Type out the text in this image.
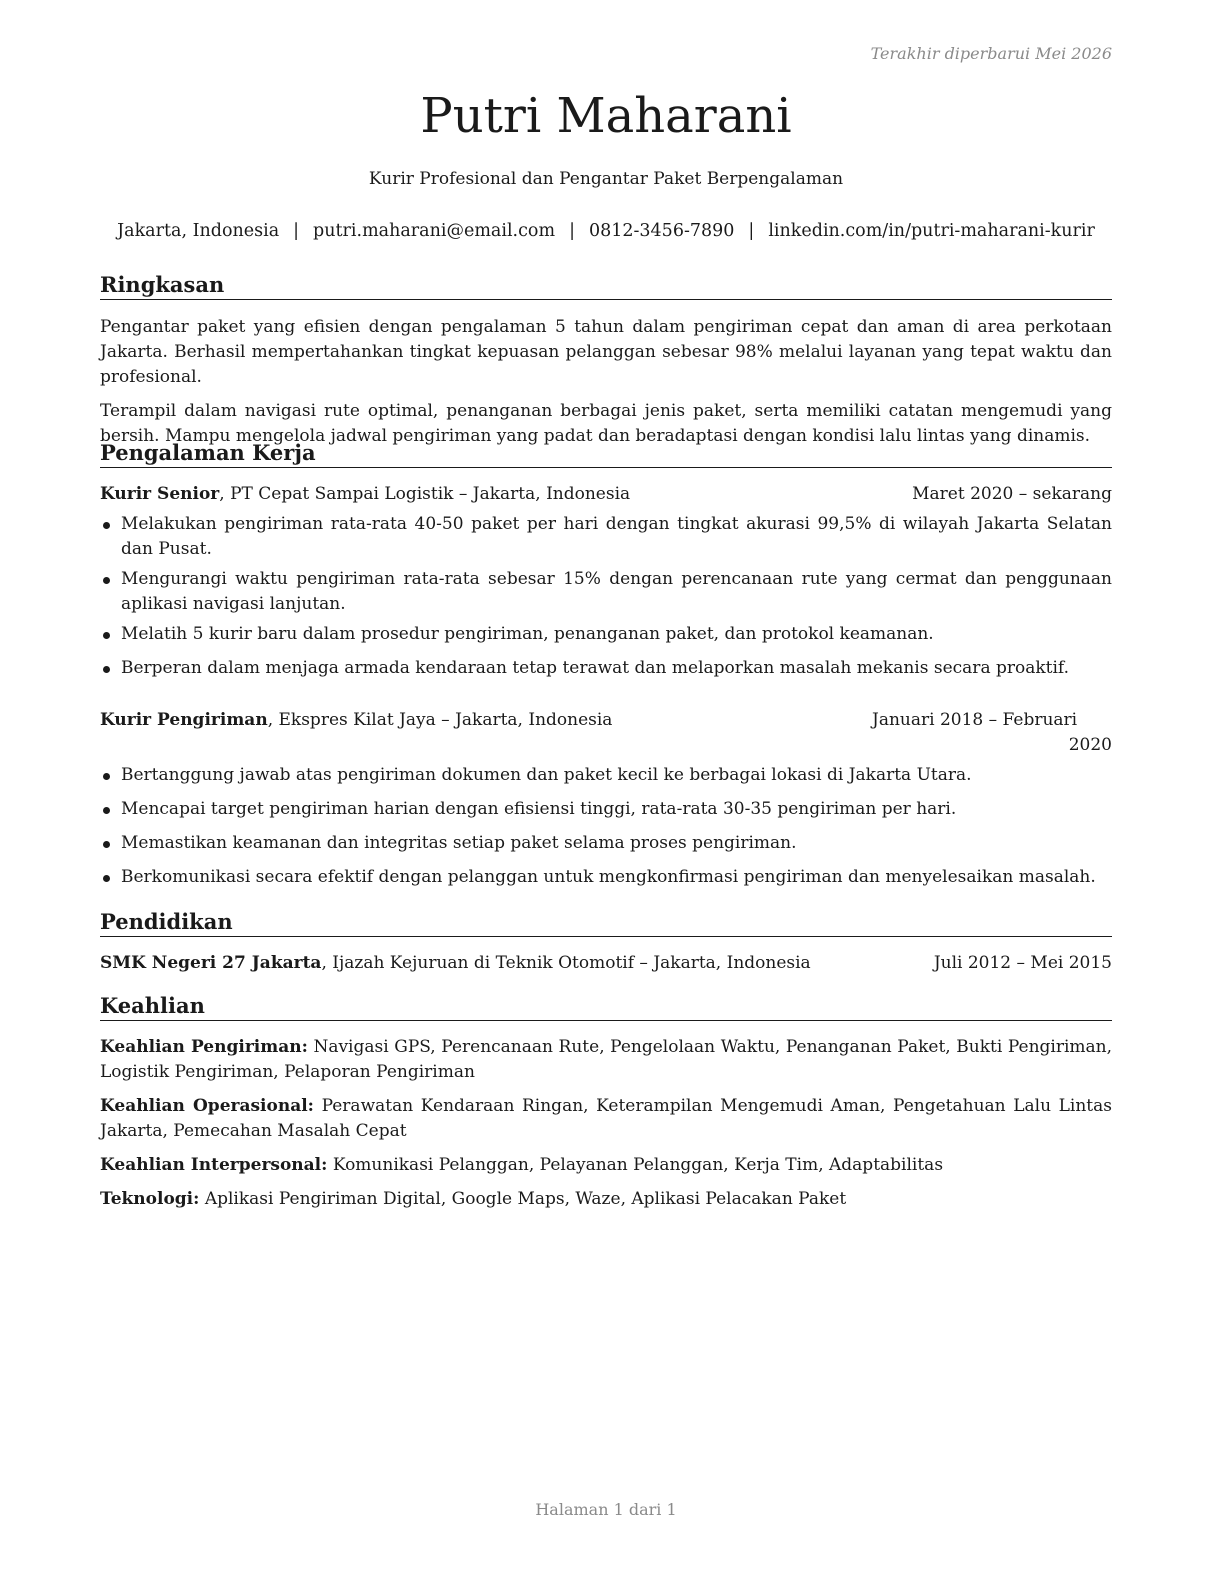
Terakhir diperbarui Mei 2026
Putri Maharani
Kurir Profesional dan Pengantar Paket Berpengalaman
Jakarta, Indonesia | putri.maharani@email.com | 0812-3456-7890 | linkedin.com/in/putri-maharani-kurir
Ringkasan

Pengantar paket yang efisien dengan pengalaman 5 tahun dalam pengiriman cepat dan aman di area perkotaan Jakarta. Berhasil mempertahankan tingkat kepuasan pelanggan sebesar 98% melalui layanan yang tepat waktu dan profesional.

Terampil dalam navigasi rute optimal, penanganan berbagai jenis paket, serta memiliki catatan mengemudi yang bersih. Mampu mengelola jadwal pengiriman yang padat dan beradaptasi dengan kondisi lalu lintas yang dinamis.

Pengalaman Kerja
Kurir Senior, PT Cepat Sampai Logistik – Jakarta, Indonesia	Maret 2020 – sekarang
Melakukan pengiriman rata-rata 40-50 paket per hari dengan tingkat akurasi 99,5% di wilayah Jakarta Selatan dan Pusat.
Mengurangi waktu pengiriman rata-rata sebesar 15% dengan perencanaan rute yang cermat dan penggunaan aplikasi navigasi lanjutan.
Melatih 5 kurir baru dalam prosedur pengiriman, penanganan paket, dan protokol keamanan.
Berperan dalam menjaga armada kendaraan tetap terawat dan melaporkan masalah mekanis secara proaktif.
Kurir Pengiriman, Ekspres Kilat Jaya – Jakarta, Indonesia	Januari 2018 – Februari
2020
Bertanggung jawab atas pengiriman dokumen dan paket kecil ke berbagai lokasi di Jakarta Utara.
Mencapai target pengiriman harian dengan efisiensi tinggi, rata-rata 30-35 pengiriman per hari.
Memastikan keamanan dan integritas setiap paket selama proses pengiriman.
Berkomunikasi secara efektif dengan pelanggan untuk mengkonfirmasi pengiriman dan menyelesaikan masalah.
Pendidikan
SMK Negeri 27 Jakarta, Ijazah Kejuruan di Teknik Otomotif – Jakarta, Indonesia	Juli 2012 – Mei 2015
Keahlian

Keahlian Pengiriman: Navigasi GPS, Perencanaan Rute, Pengelolaan Waktu, Penanganan Paket, Bukti Pengiriman, Logistik Pengiriman, Pelaporan Pengiriman

Keahlian Operasional: Perawatan Kendaraan Ringan, Keterampilan Mengemudi Aman, Pengetahuan Lalu Lintas Jakarta, Pemecahan Masalah Cepat

Keahlian Interpersonal: Komunikasi Pelanggan, Pelayanan Pelanggan, Kerja Tim, Adaptabilitas

Teknologi: Aplikasi Pengiriman Digital, Google Maps, Waze, Aplikasi Pelacakan Paket

Halaman 1 dari 1
